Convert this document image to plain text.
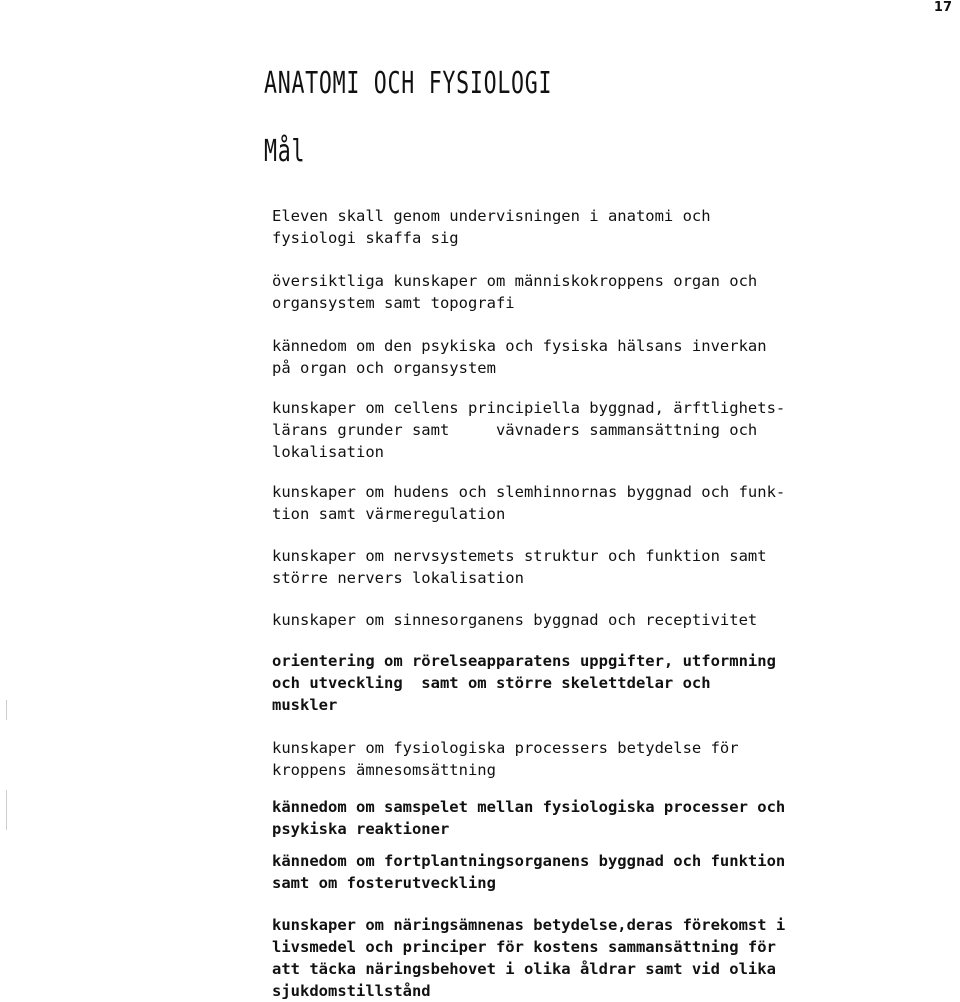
17
ANATOMI OCH FYSIOLOGI
Mål

Eleven skall genom undervisningen i anatomi och
fysiologi skaffa sig

översiktliga kunskaper om människokroppens organ och
organsystem samt topografi

kännedom om den psykiska och fysiska hälsans inverkan
på organ och organsystem

kunskaper om cellens principiella byggnad, ärftlighets-
lärans grunder samt     vävnaders sammansättning och
lokalisation

kunskaper om hudens och slemhinnornas byggnad och funk-
tion samt värmeregulation

kunskaper om nervsystemets struktur och funktion samt
större nervers lokalisation

kunskaper om sinnesorganens byggnad och receptivitet

orientering om rörelseapparatens uppgifter, utformning
och utveckling  samt om större skelettdelar och
muskler

kunskaper om fysiologiska processers betydelse för
kroppens ämnesomsättning

kännedom om samspelet mellan fysiologiska processer och
psykiska reaktioner

kännedom om fortplantningsorganens byggnad och funktion
samt om fosterutveckling

kunskaper om näringsämnenas betydelse,deras förekomst i
livsmedel och principer för kostens sammansättning för
att täcka näringsbehovet i olika åldrar samt vid olika
sjukdomstillstånd
